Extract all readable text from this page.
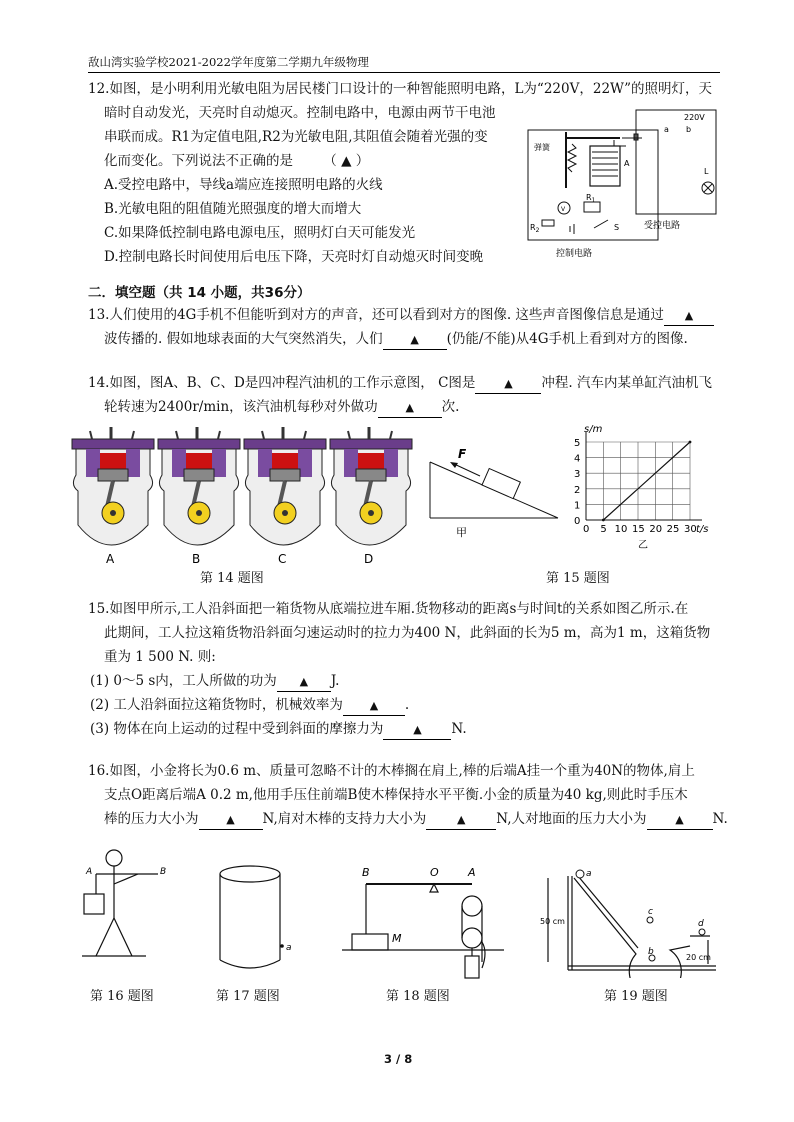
敌山湾实验学校2021-2022学年度第二学期九年级物理
12.如图，是小明利用光敏电阻为居民楼门口设计的一种智能照明电路，L为“220V，22W”的照明灯，天
暗时自动发光，天亮时自动熄灭。控制电路中，电源由两节干电池
串联而成。R1为定值电阻,R2为光敏电阻,其阻值会随着光强的变
化而变化。下列说法不正确的是 （ ▲ ）
A.受控电路中，导线a端应连接照明电路的火线
B.光敏电阻的阻值随光照强度的增大而增大
C.如果降低控制电路电源电压，照明灯白天可能发光
D.控制电路长时间使用后电压下降，天亮时灯自动熄灭时间变晚
220V
a b
弹簧
A
$R_1$
$R_2$
V
S
L
受控电路
控制电路
二．填空题（共 14 小题，共36分）
13.人们使用的4G手机不但能听到对方的声音，还可以看到对方的图像. 这些声音图像信息是通过 ▲
波传播的. 假如地球表面的大气突然消失，人们	▲ (仍能/不能)从4G手机上看到对方的图像.
14.如图，图A、B、C、D是四冲程汽油机的工作示意图， C图是	▲ 冲程. 汽车内某单缸汽油机飞
轮转速为2400r/min，该汽油机每秒对外做功	▲ 次.
A	B	C	D
第 14 题图
F
甲	0 5 10 15 20 25 30
0
1
2
3
4
5
s/m
t/s
乙
第 15 题图
15.如图甲所示,工人沿斜面把一箱货物从底端拉进车厢.货物移动的距离s与时间t的关系如图乙所示.在
此期间，工人拉这箱货物沿斜面匀速运动时的拉力为400 N，此斜面的长为5 m，高为1 m，这箱货物
重为 1 500 N. 则:
(1) 0～5 s内，工人所做的功为 ▲ J.
(2) 工人沿斜面拉这箱货物时，机械效率为 ▲ .
(3) 物体在向上运动的过程中受到斜面的摩擦力为	▲ N.
16.如图，小金将长为0.6 m、质量可忽略不计的木棒搁在肩上,棒的后端A挂一个重为40N的物体,肩上
支点O距离后端A 0.2 m,他用手压住前端B使木棒保持水平平衡.小金的质量为40 kg,则此时手压木
棒的压力大小为	▲ N,肩对木棒的支持力大小为	▲ N,人对地面的压力大小为	▲ N.
A	B
第 16 题图
a
第 17 题图
B	O	A
M
第 18 题图
a
c
b
d
50 cm
20 cm
第 19 题图
3 / 8
